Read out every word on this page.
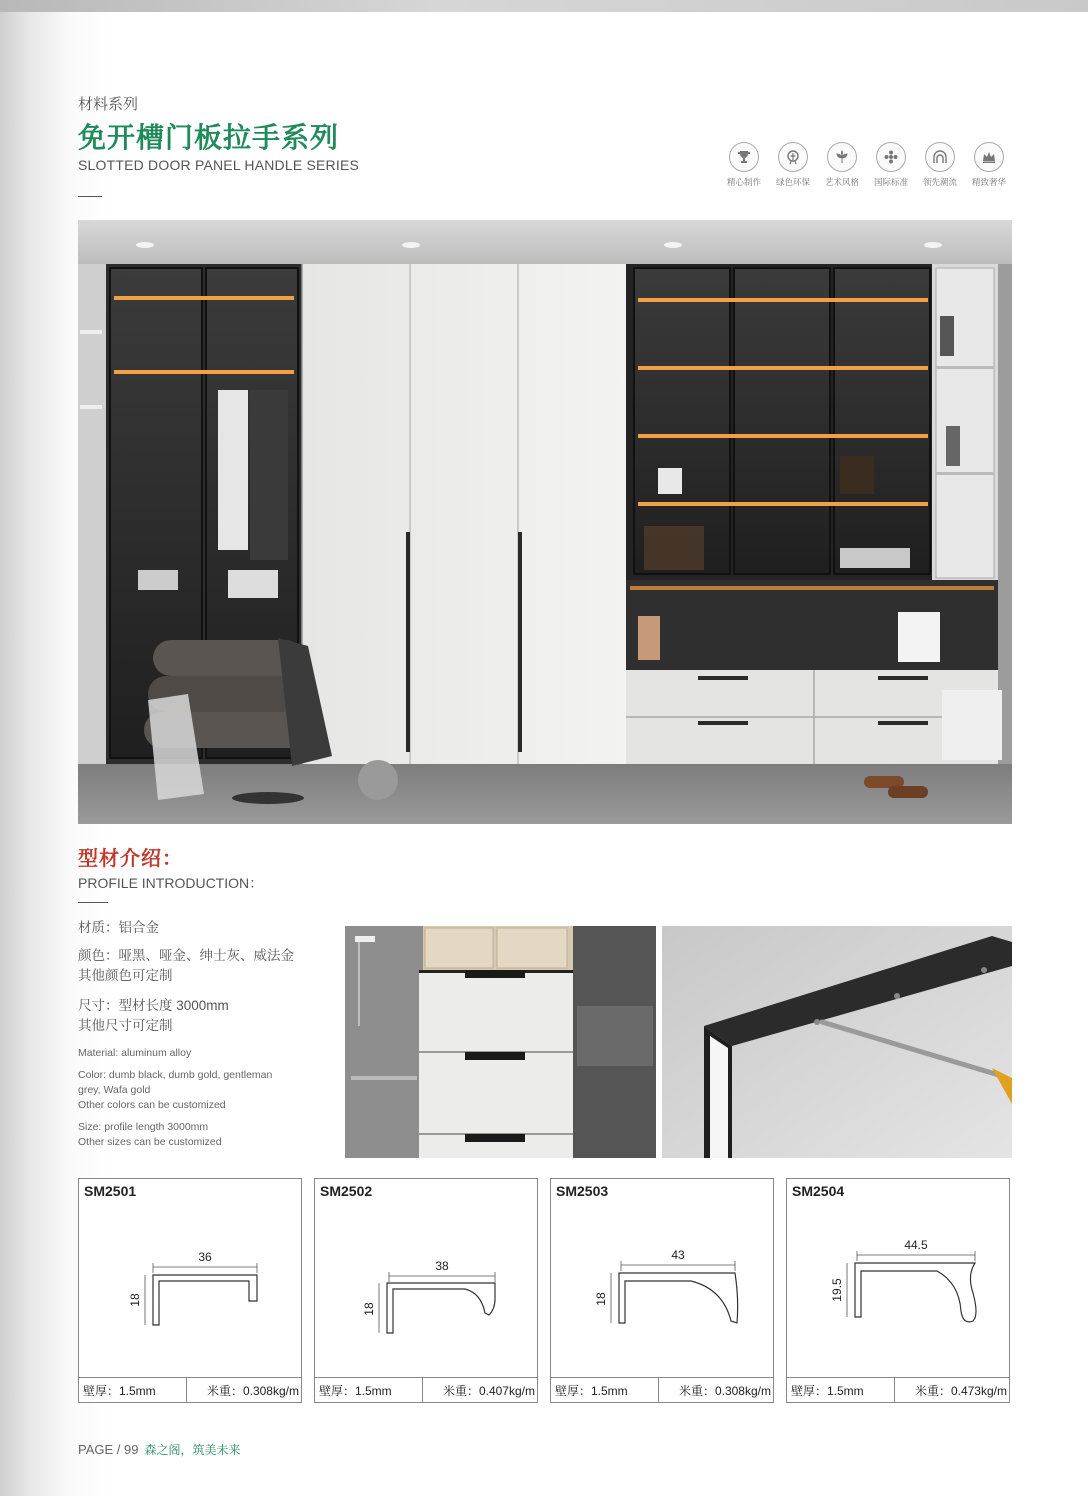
材料系列
免开槽门板拉手系列
SLOTTED DOOR PANEL HANDLE SERIES
精心制作 绿色环保 艺术风格 国际标准 领先潮流 精致奢华
型材介绍：
PROFILE INTRODUCTION：
材质：铝合金
颜色：哑黑、哑金、绅士灰、威法金
其他颜色可定制
尺寸：型材长度 3000mm
其他尺寸可定制
Material: aluminum alloy
Color: dumb black, dumb gold, gentleman
grey, Wafa gold
Other colors can be customized
Size: profile length 3000mm
Other sizes can be customized
SM2501
36
18
壁厚：1.5mm	米重：0.308kg/m
SM2502
38
18
壁厚：1.5mm	米重：0.407kg/m
SM2503
43
18
壁厚：1.5mm	米重：0.308kg/m
SM2504
44.5
19.5
壁厚：1.5mm	米重：0.473kg/m
PAGE / 99 森之阁，筑美未来
